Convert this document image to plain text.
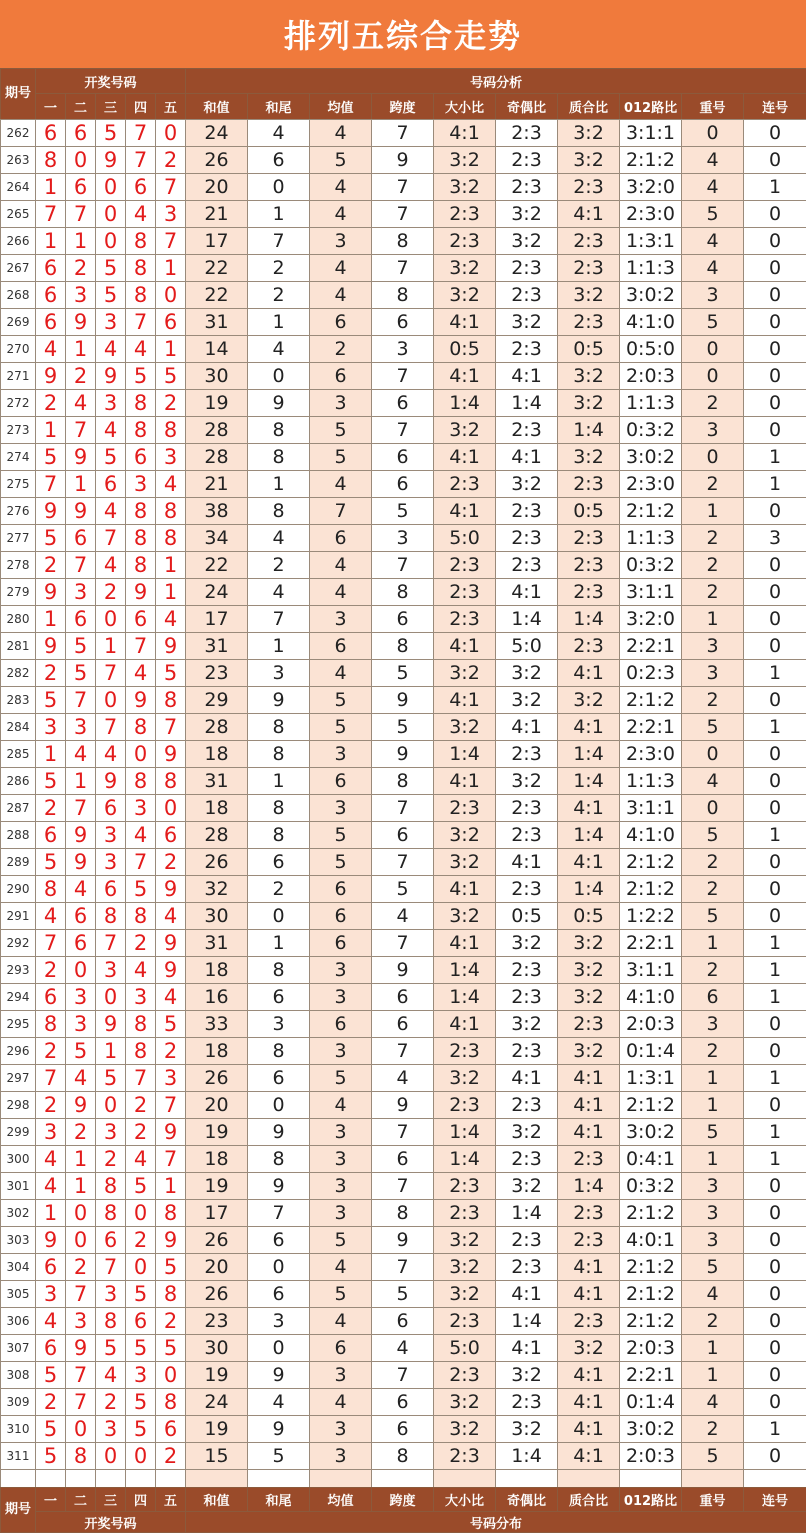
排列五综合走势
期号	开奖号码					号码分析									
	一	二	三	四	五	和值	和尾	均值	跨度	大小比	奇偶比	质合比	012路比	重号	连号
262	6	6	5	7	0	24	4	4	7	4:1	2:3	3:2	3:1:1	0	0
263	8	0	9	7	2	26	6	5	9	3:2	2:3	3:2	2:1:2	4	0
264	1	6	0	6	7	20	0	4	7	3:2	2:3	2:3	3:2:0	4	1
265	7	7	0	4	3	21	1	4	7	2:3	3:2	4:1	2:3:0	5	0
266	1	1	0	8	7	17	7	3	8	2:3	3:2	2:3	1:3:1	4	0
267	6	2	5	8	1	22	2	4	7	3:2	2:3	2:3	1:1:3	4	0
268	6	3	5	8	0	22	2	4	8	3:2	2:3	3:2	3:0:2	3	0
269	6	9	3	7	6	31	1	6	6	4:1	3:2	2:3	4:1:0	5	0
270	4	1	4	4	1	14	4	2	3	0:5	2:3	0:5	0:5:0	0	0
271	9	2	9	5	5	30	0	6	7	4:1	4:1	3:2	2:0:3	0	0
272	2	4	3	8	2	19	9	3	6	1:4	1:4	3:2	1:1:3	2	0
273	1	7	4	8	8	28	8	5	7	3:2	2:3	1:4	0:3:2	3	0
274	5	9	5	6	3	28	8	5	6	4:1	4:1	3:2	3:0:2	0	1
275	7	1	6	3	4	21	1	4	6	2:3	3:2	2:3	2:3:0	2	1
276	9	9	4	8	8	38	8	7	5	4:1	2:3	0:5	2:1:2	1	0
277	5	6	7	8	8	34	4	6	3	5:0	2:3	2:3	1:1:3	2	3
278	2	7	4	8	1	22	2	4	7	2:3	2:3	2:3	0:3:2	2	0
279	9	3	2	9	1	24	4	4	8	2:3	4:1	2:3	3:1:1	2	0
280	1	6	0	6	4	17	7	3	6	2:3	1:4	1:4	3:2:0	1	0
281	9	5	1	7	9	31	1	6	8	4:1	5:0	2:3	2:2:1	3	0
282	2	5	7	4	5	23	3	4	5	3:2	3:2	4:1	0:2:3	3	1
283	5	7	0	9	8	29	9	5	9	4:1	3:2	3:2	2:1:2	2	0
284	3	3	7	8	7	28	8	5	5	3:2	4:1	4:1	2:2:1	5	1
285	1	4	4	0	9	18	8	3	9	1:4	2:3	1:4	2:3:0	0	0
286	5	1	9	8	8	31	1	6	8	4:1	3:2	1:4	1:1:3	4	0
287	2	7	6	3	0	18	8	3	7	2:3	2:3	4:1	3:1:1	0	0
288	6	9	3	4	6	28	8	5	6	3:2	2:3	1:4	4:1:0	5	1
289	5	9	3	7	2	26	6	5	7	3:2	4:1	4:1	2:1:2	2	0
290	8	4	6	5	9	32	2	6	5	4:1	2:3	1:4	2:1:2	2	0
291	4	6	8	8	4	30	0	6	4	3:2	0:5	0:5	1:2:2	5	0
292	7	6	7	2	9	31	1	6	7	4:1	3:2	3:2	2:2:1	1	1
293	2	0	3	4	9	18	8	3	9	1:4	2:3	3:2	3:1:1	2	1
294	6	3	0	3	4	16	6	3	6	1:4	2:3	3:2	4:1:0	6	1
295	8	3	9	8	5	33	3	6	6	4:1	3:2	2:3	2:0:3	3	0
296	2	5	1	8	2	18	8	3	7	2:3	2:3	3:2	0:1:4	2	0
297	7	4	5	7	3	26	6	5	4	3:2	4:1	4:1	1:3:1	1	1
298	2	9	0	2	7	20	0	4	9	2:3	2:3	4:1	2:1:2	1	0
299	3	2	3	2	9	19	9	3	7	1:4	3:2	4:1	3:0:2	5	1
300	4	1	2	4	7	18	8	3	6	1:4	2:3	2:3	0:4:1	1	1
301	4	1	8	5	1	19	9	3	7	2:3	3:2	1:4	0:3:2	3	0
302	1	0	8	0	8	17	7	3	8	2:3	1:4	2:3	2:1:2	3	0
303	9	0	6	2	9	26	6	5	9	3:2	2:3	2:3	4:0:1	3	0
304	6	2	7	0	5	20	0	4	7	3:2	2:3	4:1	2:1:2	5	0
305	3	7	3	5	8	26	6	5	5	3:2	4:1	4:1	2:1:2	4	0
306	4	3	8	6	2	23	3	4	6	2:3	1:4	2:3	2:1:2	2	0
307	6	9	5	5	5	30	0	6	4	5:0	4:1	3:2	2:0:3	1	0
308	5	7	4	3	0	19	9	3	7	2:3	3:2	4:1	2:2:1	1	0
309	2	7	2	5	8	24	4	4	6	3:2	2:3	4:1	0:1:4	4	0
310	5	0	3	5	6	19	9	3	6	3:2	3:2	4:1	3:0:2	2	1
311	5	8	0	0	2	15	5	3	8	2:3	1:4	4:1	2:0:3	5	0

期号	一	二	三	四	五	和值	和尾	均值	跨度	大小比	奇偶比	质合比	012路比	重号	连号
	开奖号码					号码分布									
